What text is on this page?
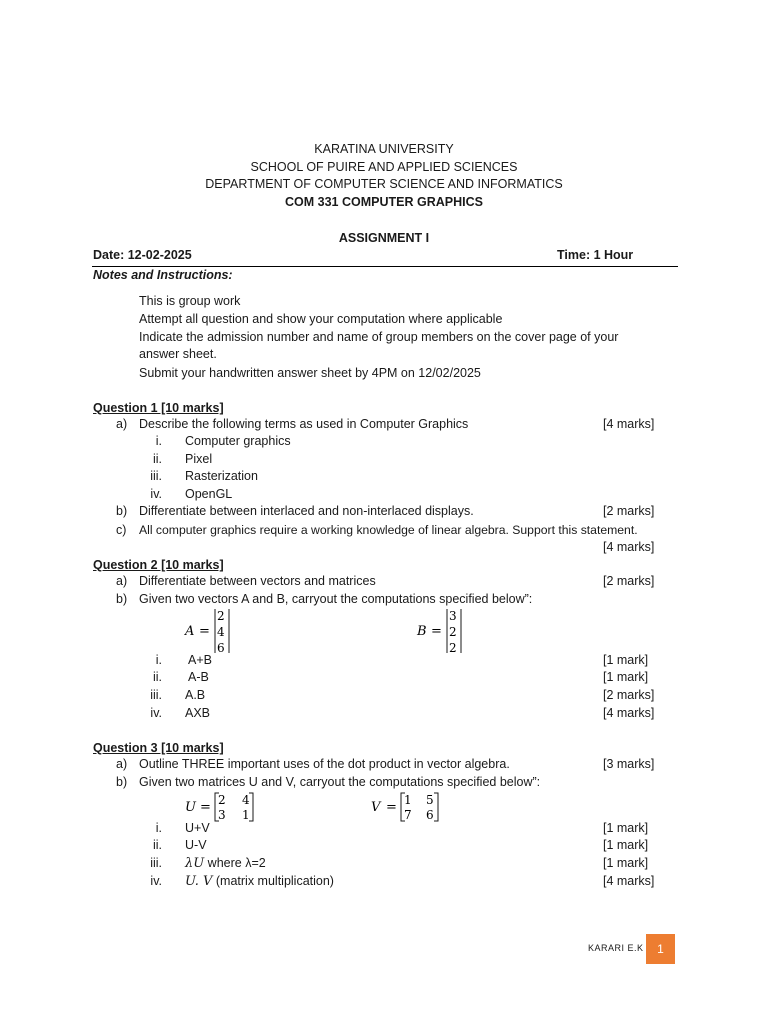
KARATINA UNIVERSITY
SCHOOL OF PUIRE AND APPLIED SCIENCES
DEPARTMENT OF COMPUTER SCIENCE AND INFORMATICS
COM 331 COMPUTER GRAPHICS
ASSIGNMENT I
Date: 12-02-2025	Time: 1 Hour
Notes and Instructions:
This is group work
Attempt all question and show your computation where applicable
Indicate the admission number and name of group members on the cover page of your
answer sheet.
Submit your handwritten answer sheet by 4PM on 12/02/2025
Question 1 [10 marks]
a) Describe the following terms as used in Computer Graphics	[4 marks]
i. Computer graphics
ii. Pixel
iii. Rasterization
iv. OpenGL
b) Differentiate between interlaced and non-interlaced displays.	[2 marks]
c) All computer graphics require a working knowledge of linear algebra. Support this statement.
[4 marks]
Question 2 [10 marks]
a) Differentiate between vectors and matrices	[2 marks]
b) Given two vectors A and B, carryout the computations specified below”:
A =
2
4
6
B =
3
2
2
i. A+B	[1 mark]
ii. A-B	[1 mark]
iii. A.B	[2 marks]
iv. AXB	[4 marks]
Question 3 [10 marks]
a) Outline THREE important uses of the dot product in vector algebra.	[3 marks]
b) Given two matrices U and V, carryout the computations specified below”:
U = 2 4
3 1	V = 1 5
7 6
i. U+V	[1 mark]
ii. U-V	[1 mark]
iii. λU where λ=2	[1 mark]
iv. U. V (matrix multiplication)	[4 marks]
KARARI E.K	1
